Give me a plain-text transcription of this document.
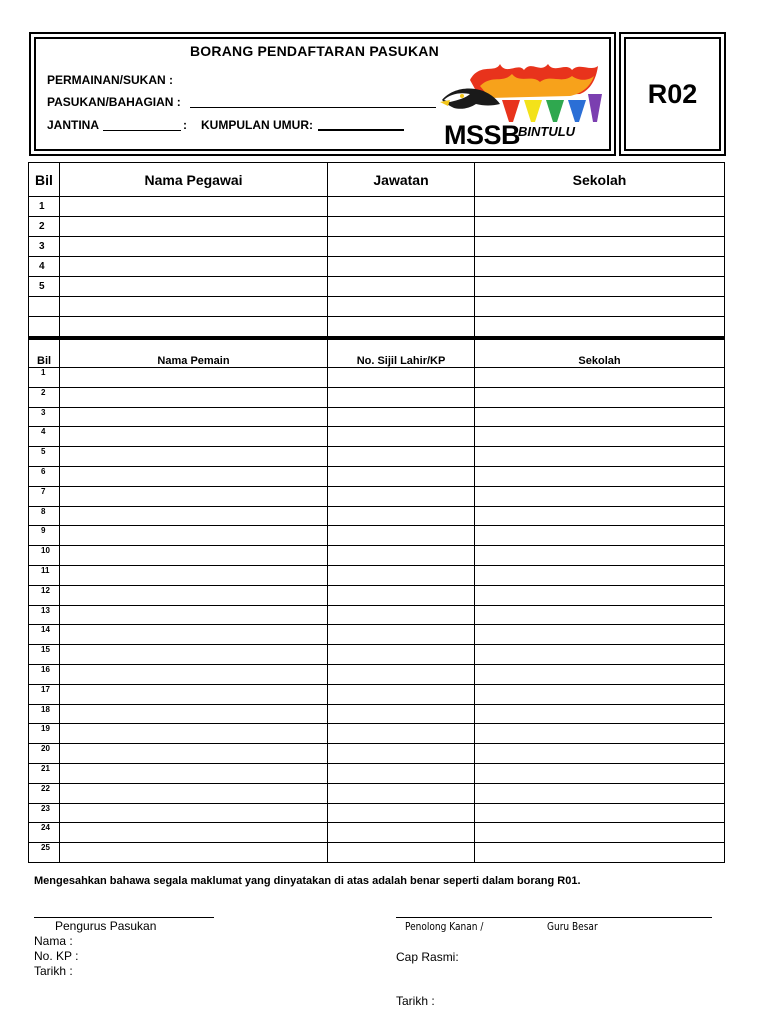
R02
BORANG PENDAFTARAN PASUKAN
PERMAINAN/SUKAN :
PASUKAN/BAHAGIAN :
JANTINA	: KUMPULAN UMUR:	MSSB
BINTULU
Bil	Nama Pegawai	Jawatan	Sekolah
1			
2			
3			
4			
5			

Bil	Nama Pemain	No. Sijil Lahir/KP	Sekolah
1			
2			
3			
4			
5			
6			
7			
8			
9			
10			
11			
12			
13			
14			
15			
16			
17			
18			
19			
20			
21			
22			
23			
24			
25			
Mengesahkan bahawa segala maklumat yang dinyatakan di atas adalah benar seperti dalam borang R01.
Pengurus Pasukan
Nama :
No. KP :
Tarikh :
Penolong Kanan /	Guru Besar
Cap Rasmi:
Tarikh :
